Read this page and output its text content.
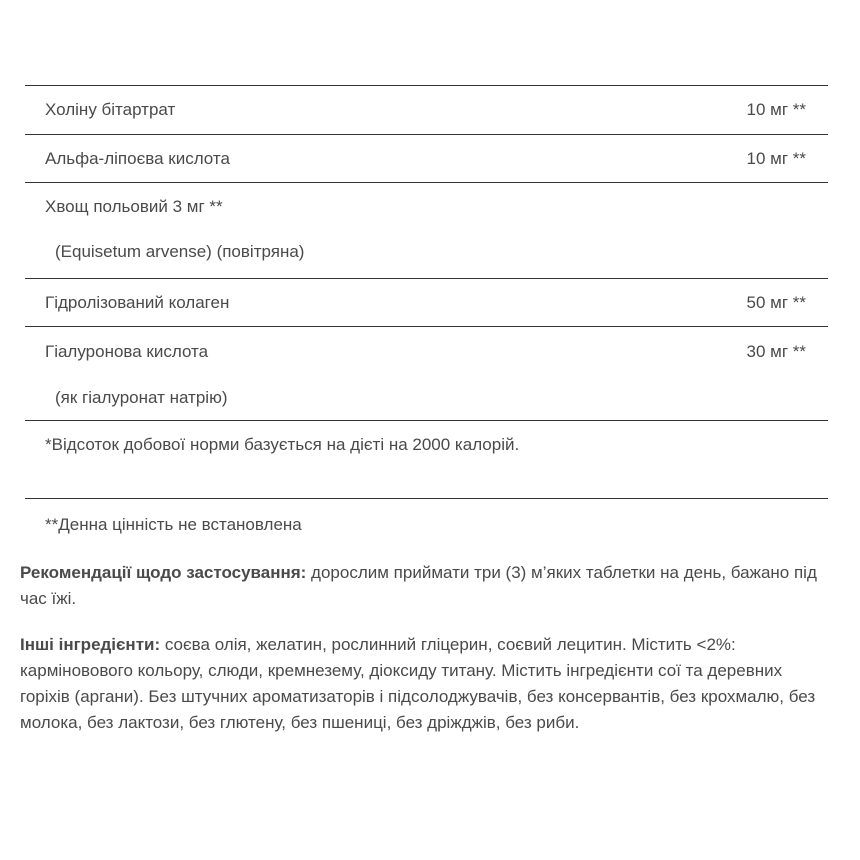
Холіну бітартрат	10 мг **
Альфа-ліпоєва кислота	10 мг **
Хвощ польовий 3 мг **
(Equisetum arvense) (повітряна)
Гідролізований колаген	50 мг **
Гіалуронова кислота	30 мг **
(як гіалуронат натрію)
*Відсоток добової норми базується на дієті на 2000 калорій.
**Денна цінність не встановлена
Рекомендації щодо застосування: дорослим приймати три (3) м’яких таблетки на день, бажано під час їжі.
Інші інгредієнти: соєва олія, желатин, рослинний гліцерин, соєвий лецитин. Містить <2%: карміновового кольору, слюди, кремнезему, діоксиду титану. Містить інгредієнти сої та деревних горіхів (аргани). Без штучних ароматизаторів і підсолоджувачів, без консервантів, без крохмалю, без молока, без лактози, без глютену, без пшениці, без дріжджів, без риби.
